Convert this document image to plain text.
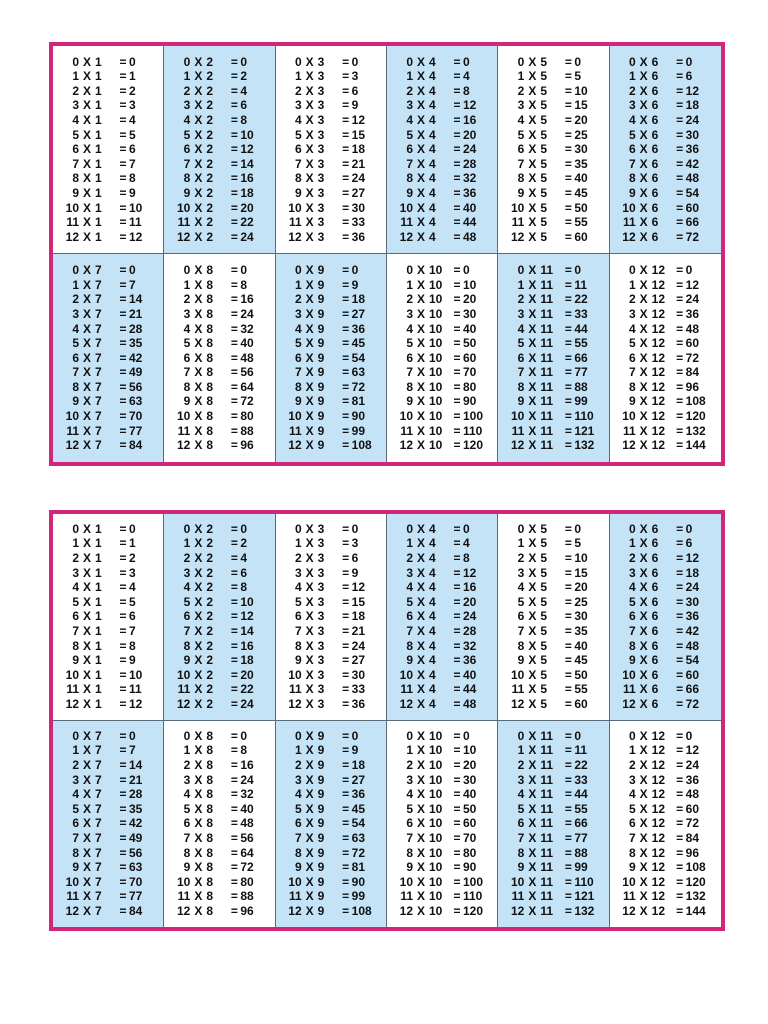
0 X 1	= 0
1 X 1	= 1
2 X 1	= 2
3 X 1	= 3
4 X 1	= 4
5 X 1	= 5
6 X 1	= 6
7 X 1	= 7
8 X 1	= 8
9 X 1	= 9
10 X 1	= 10
11 X 1	= 11
12 X 1	= 12
0 X 2	= 0
1 X 2	= 2
2 X 2	= 4
3 X 2	= 6
4 X 2	= 8
5 X 2	= 10
6 X 2	= 12
7 X 2	= 14
8 X 2	= 16
9 X 2	= 18
10 X 2	= 20
11 X 2	= 22
12 X 2	= 24
0 X 3	= 0
1 X 3	= 3
2 X 3	= 6
3 X 3	= 9
4 X 3	= 12
5 X 3	= 15
6 X 3	= 18
7 X 3	= 21
8 X 3	= 24
9 X 3	= 27
10 X 3	= 30
11 X 3	= 33
12 X 3	= 36
0 X 4	= 0
1 X 4	= 4
2 X 4	= 8
3 X 4	= 12
4 X 4	= 16
5 X 4	= 20
6 X 4	= 24
7 X 4	= 28
8 X 4	= 32
9 X 4	= 36
10 X 4	= 40
11 X 4	= 44
12 X 4	= 48
0 X 5	= 0
1 X 5	= 5
2 X 5	= 10
3 X 5	= 15
4 X 5	= 20
5 X 5	= 25
6 X 5	= 30
7 X 5	= 35
8 X 5	= 40
9 X 5	= 45
10 X 5	= 50
11 X 5	= 55
12 X 5	= 60
0 X 6	= 0
1 X 6	= 6
2 X 6	= 12
3 X 6	= 18
4 X 6	= 24
5 X 6	= 30
6 X 6	= 36
7 X 6	= 42
8 X 6	= 48
9 X 6	= 54
10 X 6	= 60
11 X 6	= 66
12 X 6	= 72
0 X 7	= 0
1 X 7	= 7
2 X 7	= 14
3 X 7	= 21
4 X 7	= 28
5 X 7	= 35
6 X 7	= 42
7 X 7	= 49
8 X 7	= 56
9 X 7	= 63
10 X 7	= 70
11 X 7	= 77
12 X 7	= 84
0 X 8	= 0
1 X 8	= 8
2 X 8	= 16
3 X 8	= 24
4 X 8	= 32
5 X 8	= 40
6 X 8	= 48
7 X 8	= 56
8 X 8	= 64
9 X 8	= 72
10 X 8	= 80
11 X 8	= 88
12 X 8	= 96
0 X 9	= 0
1 X 9	= 9
2 X 9	= 18
3 X 9	= 27
4 X 9	= 36
5 X 9	= 45
6 X 9	= 54
7 X 9	= 63
8 X 9	= 72
9 X 9	= 81
10 X 9	= 90
11 X 9	= 99
12 X 9	= 108
0 X 10 = 0
1 X 10 = 10
2 X 10 = 20
3 X 10 = 30
4 X 10 = 40
5 X 10 = 50
6 X 10 = 60
7 X 10 = 70
8 X 10 = 80
9 X 10 = 90
10 X 10 = 100
11 X 10 = 110
12 X 10 = 120
0 X 11 = 0
1 X 11 = 11
2 X 11 = 22
3 X 11 = 33
4 X 11 = 44
5 X 11 = 55
6 X 11 = 66
7 X 11 = 77
8 X 11 = 88
9 X 11 = 99
10 X 11 = 110
11 X 11 = 121
12 X 11 = 132
0 X 12 = 0
1 X 12 = 12
2 X 12 = 24
3 X 12 = 36
4 X 12 = 48
5 X 12 = 60
6 X 12 = 72
7 X 12 = 84
8 X 12 = 96
9 X 12 = 108
10 X 12 = 120
11 X 12 = 132
12 X 12 = 144
0 X 1	= 0
1 X 1	= 1
2 X 1	= 2
3 X 1	= 3
4 X 1	= 4
5 X 1	= 5
6 X 1	= 6
7 X 1	= 7
8 X 1	= 8
9 X 1	= 9
10 X 1	= 10
11 X 1	= 11
12 X 1	= 12
0 X 2	= 0
1 X 2	= 2
2 X 2	= 4
3 X 2	= 6
4 X 2	= 8
5 X 2	= 10
6 X 2	= 12
7 X 2	= 14
8 X 2	= 16
9 X 2	= 18
10 X 2	= 20
11 X 2	= 22
12 X 2	= 24
0 X 3	= 0
1 X 3	= 3
2 X 3	= 6
3 X 3	= 9
4 X 3	= 12
5 X 3	= 15
6 X 3	= 18
7 X 3	= 21
8 X 3	= 24
9 X 3	= 27
10 X 3	= 30
11 X 3	= 33
12 X 3	= 36
0 X 4	= 0
1 X 4	= 4
2 X 4	= 8
3 X 4	= 12
4 X 4	= 16
5 X 4	= 20
6 X 4	= 24
7 X 4	= 28
8 X 4	= 32
9 X 4	= 36
10 X 4	= 40
11 X 4	= 44
12 X 4	= 48
0 X 5	= 0
1 X 5	= 5
2 X 5	= 10
3 X 5	= 15
4 X 5	= 20
5 X 5	= 25
6 X 5	= 30
7 X 5	= 35
8 X 5	= 40
9 X 5	= 45
10 X 5	= 50
11 X 5	= 55
12 X 5	= 60
0 X 6	= 0
1 X 6	= 6
2 X 6	= 12
3 X 6	= 18
4 X 6	= 24
5 X 6	= 30
6 X 6	= 36
7 X 6	= 42
8 X 6	= 48
9 X 6	= 54
10 X 6	= 60
11 X 6	= 66
12 X 6	= 72
0 X 7	= 0
1 X 7	= 7
2 X 7	= 14
3 X 7	= 21
4 X 7	= 28
5 X 7	= 35
6 X 7	= 42
7 X 7	= 49
8 X 7	= 56
9 X 7	= 63
10 X 7	= 70
11 X 7	= 77
12 X 7	= 84
0 X 8	= 0
1 X 8	= 8
2 X 8	= 16
3 X 8	= 24
4 X 8	= 32
5 X 8	= 40
6 X 8	= 48
7 X 8	= 56
8 X 8	= 64
9 X 8	= 72
10 X 8	= 80
11 X 8	= 88
12 X 8	= 96
0 X 9	= 0
1 X 9	= 9
2 X 9	= 18
3 X 9	= 27
4 X 9	= 36
5 X 9	= 45
6 X 9	= 54
7 X 9	= 63
8 X 9	= 72
9 X 9	= 81
10 X 9	= 90
11 X 9	= 99
12 X 9	= 108
0 X 10 = 0
1 X 10 = 10
2 X 10 = 20
3 X 10 = 30
4 X 10 = 40
5 X 10 = 50
6 X 10 = 60
7 X 10 = 70
8 X 10 = 80
9 X 10 = 90
10 X 10 = 100
11 X 10 = 110
12 X 10 = 120
0 X 11 = 0
1 X 11 = 11
2 X 11 = 22
3 X 11 = 33
4 X 11 = 44
5 X 11 = 55
6 X 11 = 66
7 X 11 = 77
8 X 11 = 88
9 X 11 = 99
10 X 11 = 110
11 X 11 = 121
12 X 11 = 132
0 X 12 = 0
1 X 12 = 12
2 X 12 = 24
3 X 12 = 36
4 X 12 = 48
5 X 12 = 60
6 X 12 = 72
7 X 12 = 84
8 X 12 = 96
9 X 12 = 108
10 X 12 = 120
11 X 12 = 132
12 X 12 = 144
